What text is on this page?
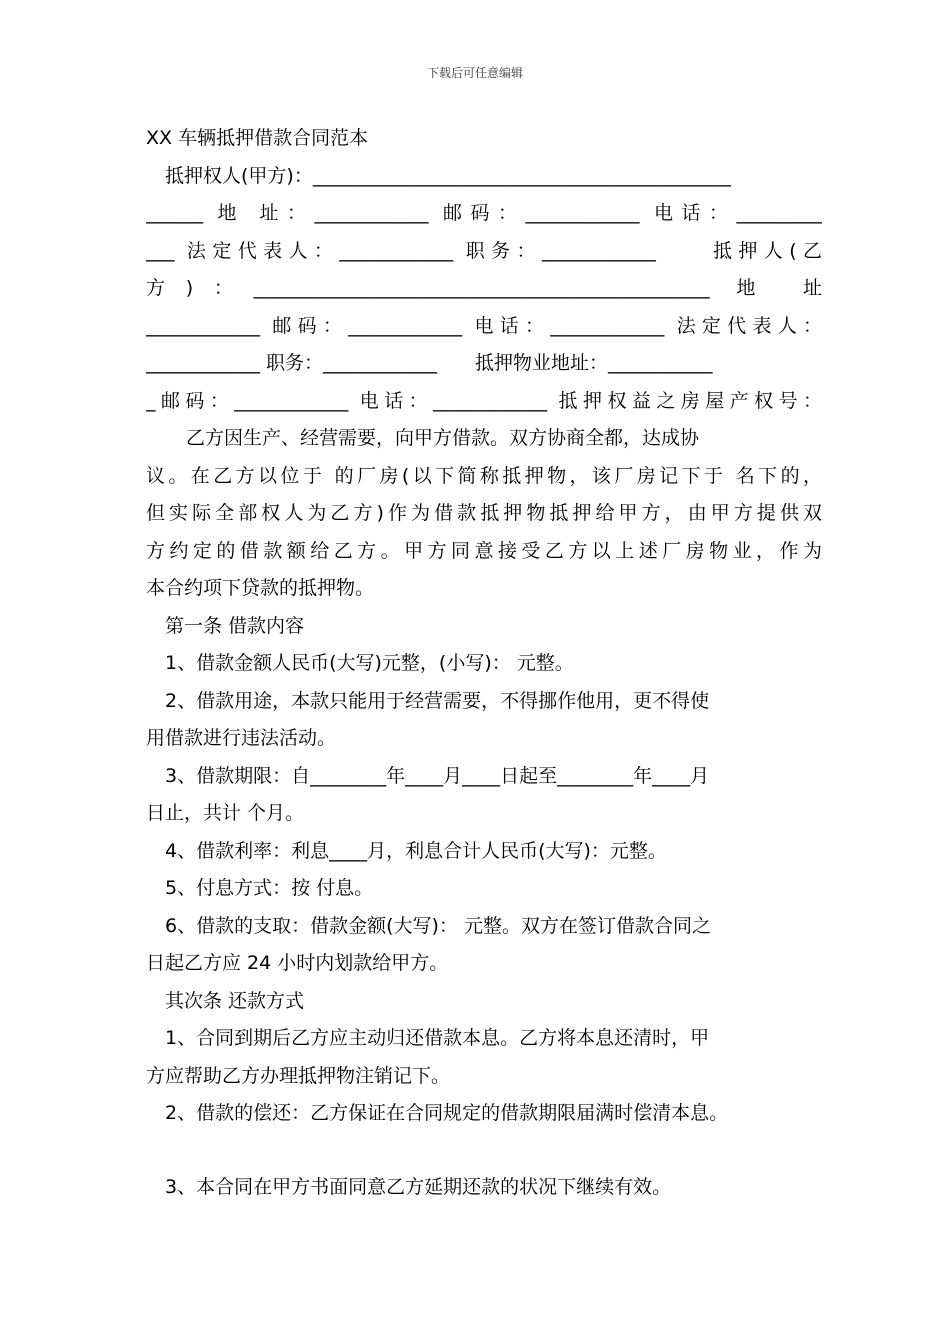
下载后可任意编辑
XX 车辆抵押借款合同范本
抵押权人(甲方)：____________________________________________
______ 地 址：____________ 邮码：____________ 电话：_________
___ 法定代表人：____________ 职务：____________　　抵押人(乙
方)：________________________________________________ 地 址
____________ 邮码：____________ 电话：____________ 法定代表人：
____________ 职务：____________　　抵押物业地址：___________
_邮码：____________ 电话：____________ 抵押权益之房屋产权号：
乙方因生产、经营需要，向甲方借款。双方协商全都，达成协
议。在乙方以位于 的厂房(以下简称抵押物，该厂房记下于 名下的，
但实际全部权人为乙方)作为借款抵押物抵押给甲方，由甲方提供双
方约定的借款额给乙方。甲方同意接受乙方以上述厂房物业，作为
本合约项下贷款的抵押物。
第一条 借款内容
1、借款金额人民币(大写)元整，(小写)： 元整。
2、借款用途，本款只能用于经营需要，不得挪作他用，更不得使
用借款进行违法活动。
3、借款期限：自________年____月____日起至________年____月
日止，共计 个月。
4、借款利率：利息____月，利息合计人民币(大写)：元整。
5、付息方式：按 付息。
6、借款的支取：借款金额(大写)： 元整。双方在签订借款合同之
日起乙方应 24 小时内划款给甲方。
其次条 还款方式
1、合同到期后乙方应主动归还借款本息。乙方将本息还清时，甲
方应帮助乙方办理抵押物注销记下。
2、借款的偿还：乙方保证在合同规定的借款期限届满时偿清本息。
3、本合同在甲方书面同意乙方延期还款的状况下继续有效。
